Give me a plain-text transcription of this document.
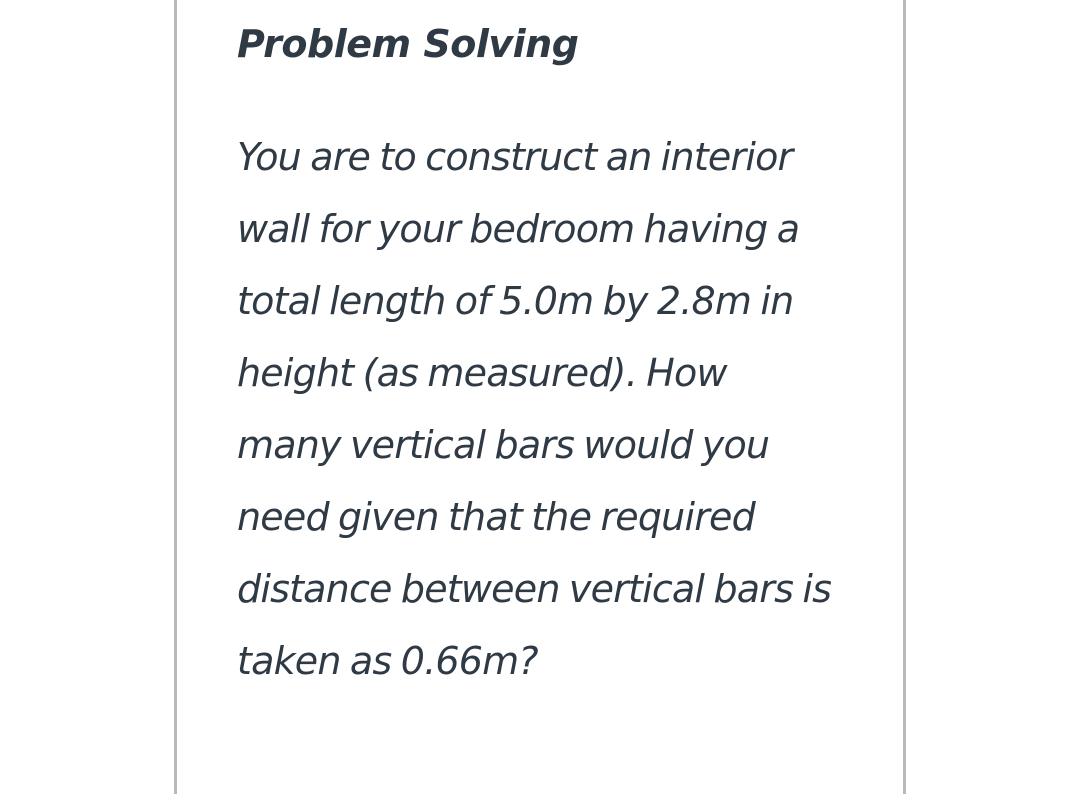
Problem Solving

You are to construct an interior wall for your bedroom having a total length of 5.0m by 2.8m in height (as measured). How many vertical bars would you need given that the required distance between vertical bars is taken as 0.66m?
